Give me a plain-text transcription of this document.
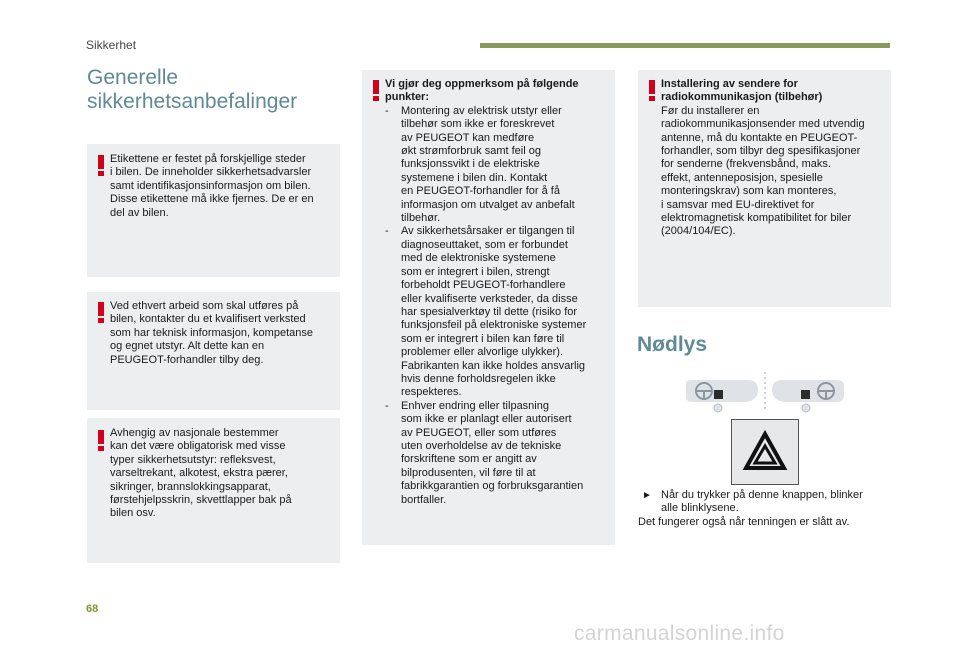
Sikkerhet
Generelle
sikkerhetsanbefalinger

Etikettene er festet på forskjellige steder

i bilen. De inneholder sikkerhetsadvarsler

samt identifikasjonsinformasjon om bilen.

Disse etikettene må ikke fjernes. De er en

del av bilen.

Ved ethvert arbeid som skal utføres på

bilen, kontakter du et kvalifisert verksted

som har teknisk informasjon, kompetanse

og egnet utstyr. Alt dette kan en

PEUGEOT-forhandler tilby deg.

Avhengig av nasjonale bestemmer

kan det være obligatorisk med visse

typer sikkerhetsutstyr: refleksvest,

varseltrekant, alkotest, ekstra pærer,

sikringer, brannslokkingsapparat,

førstehjelpsskrin, skvettlapper bak på

bilen osv.

Vi gjør deg oppmerksom på følgende
punkter:

- Montering av elektrisk utstyr eller
tilbehør som ikke er foreskrevet
av PEUGEOT kan medføre
økt strømforbruk samt feil og
funksjonssvikt i de elektriske
systemene i bilen din. Kontakt
en PEUGEOT-forhandler for å få
informasjon om utvalget av anbefalt
tilbehør.
- Av sikkerhetsårsaker er tilgangen til
diagnoseuttaket, som er forbundet
med de elektroniske systemene
som er integrert i bilen, strengt
forbeholdt PEUGEOT-forhandlere
eller kvalifiserte verksteder, da disse
har spesialverktøy til dette (risiko for
funksjonsfeil på elektroniske systemer
som er integrert i bilen kan føre til
problemer eller alvorlige ulykker).
Fabrikanten kan ikke holdes ansvarlig
hvis denne forholdsregelen ikke
respekteres.
- Enhver endring eller tilpasning
som ikke er planlagt eller autorisert
av PEUGEOT, eller som utføres
uten overholdelse av de tekniske
forskriftene som er angitt av
bilprodusenten, vil føre til at
fabrikkgarantien og forbruksgarantien
bortfaller.

Installering av sendere for
radiokommunikasjon (tilbehør)

Før du installerer en

radiokommunikasjonsender med utvendig

antenne, må du kontakte en PEUGEOT-

forhandler, som tilbyr deg spesifikasjoner

for senderne (frekvensbånd, maks.

effekt, antenneposisjon, spesielle

monteringskrav) som kan monteres,

i samsvar med EU-direktivet for

elektromagnetisk kompatibilitet for biler

(2004/104/EC).

Nødlys
► Når du trykker på denne knappen, blinker
alle blinklysene.

Det fungerer også når tenningen er slått av.

68
carmanualsonline.info
